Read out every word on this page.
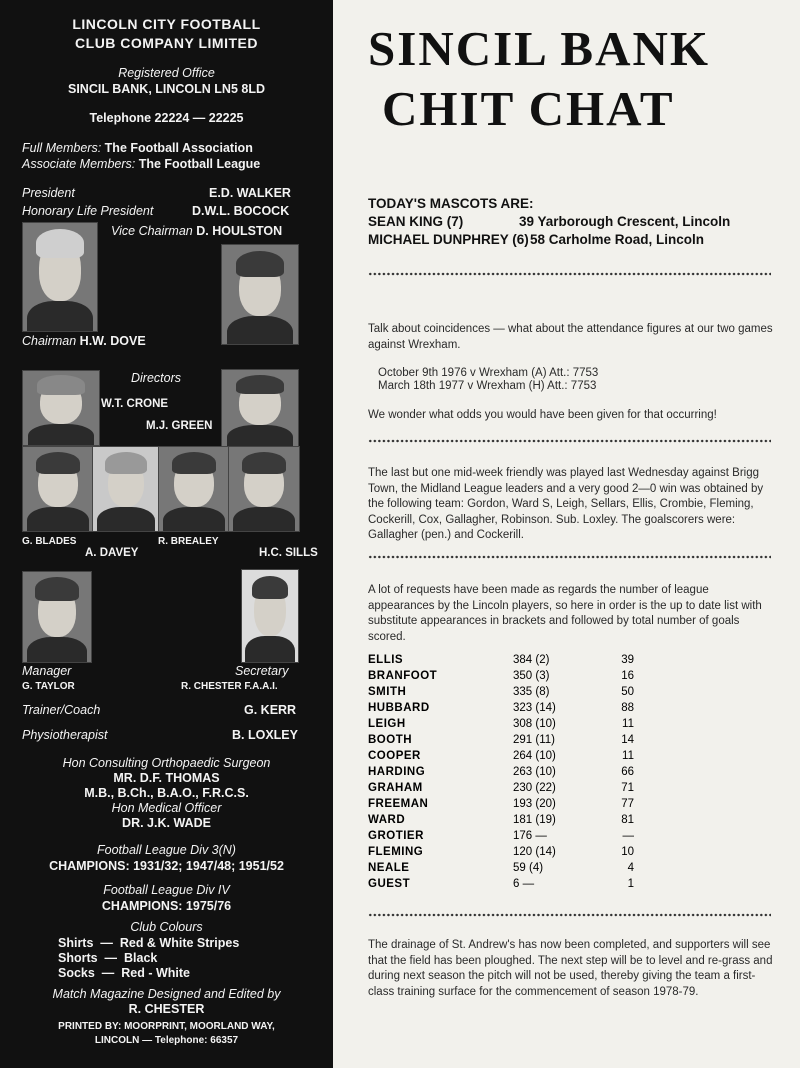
LINCOLN CITY FOOTBALL
CLUB COMPANY LIMITED
Registered Office
SINCIL BANK, LINCOLN LN5 8LD
Telephone 22224 — 22225
Full Members: The Football Association
Associate Members: The Football League
President	E.D. WALKER
Honorary Life President	D.W.L. BOCOCK
Vice Chairman D. HOULSTON
Chairman H.W. DOVE
Directors
W.T. CRONE
M.J. GREEN
G. BLADES
A. DAVEY
R. BREALEY
H.C. SILLS
Manager
G. TAYLOR
Secretary
R. CHESTER F.A.A.I.
Trainer/Coach	G. KERR
Physiotherapist	B. LOXLEY
Hon Consulting Orthopaedic Surgeon
MR. D.F. THOMAS
M.B., B.Ch., B.A.O., F.R.C.S.
Hon Medical Officer
DR. J.K. WADE
Football League Div 3(N)
CHAMPIONS: 1931/32; 1947/48; 1951/52
Football League Div IV
CHAMPIONS: 1975/76
Club Colours
Shirts — Red & White Stripes
Shorts — Black
Socks — Red - White
Match Magazine Designed and Edited by
R. CHESTER
PRINTED BY: MOORPRINT, MOORLAND WAY,
LINCOLN — Telephone: 66357
SINCIL BANK
CHIT CHAT
TODAY'S MASCOTS ARE:
SEAN KING (7)	39 Yarborough Crescent, Lincoln
MICHAEL DUNPHREY (6) 58 Carholme Road, Lincoln
Talk about coincidences — what about the attendance figures at our two games against Wrexham.
October 9th 1976 v Wrexham (A) Att.: 7753
March 18th 1977 v Wrexham (H) Att.: 7753
We wonder what odds you would have been given for that occurring!
The last but one mid-week friendly was played last Wednesday against Brigg Town, the Midland League leaders and a very good 2—0 win was obtained by the following team: Gordon, Ward S, Leigh, Sellars, Ellis, Crombie, Fleming, Cockerill, Cox, Gallagher, Robinson. Sub. Loxley. The goalscorers were: Gallagher (pen.) and Cockerill.
A lot of requests have been made as regards the number of league appearances by the Lincoln players, so here in order is the up to date list with substitute appearances in brackets and followed by total number of goals scored.
ELLIS	384 (2)	39
BRANFOOT	350 (3)	16
SMITH	335 (8)	50
HUBBARD	323 (14)	88
LEIGH	308 (10)	11
BOOTH	291 (11)	14
COOPER	264 (10)	11
HARDING	263 (10)	66
GRAHAM	230 (22)	71
FREEMAN	193 (20)	77
WARD	181 (19)	81
GROTIER	176 —	—
FLEMING	120 (14)	10
NEALE	59 (4)	4
GUEST	6 —	1
The drainage of St. Andrew's has now been completed, and supporters will see that the field has been ploughed. The next step will be to level and re-grass and during next season the pitch will not be used, thereby giving the team a first-class training surface for the commencement of season 1978-79.
